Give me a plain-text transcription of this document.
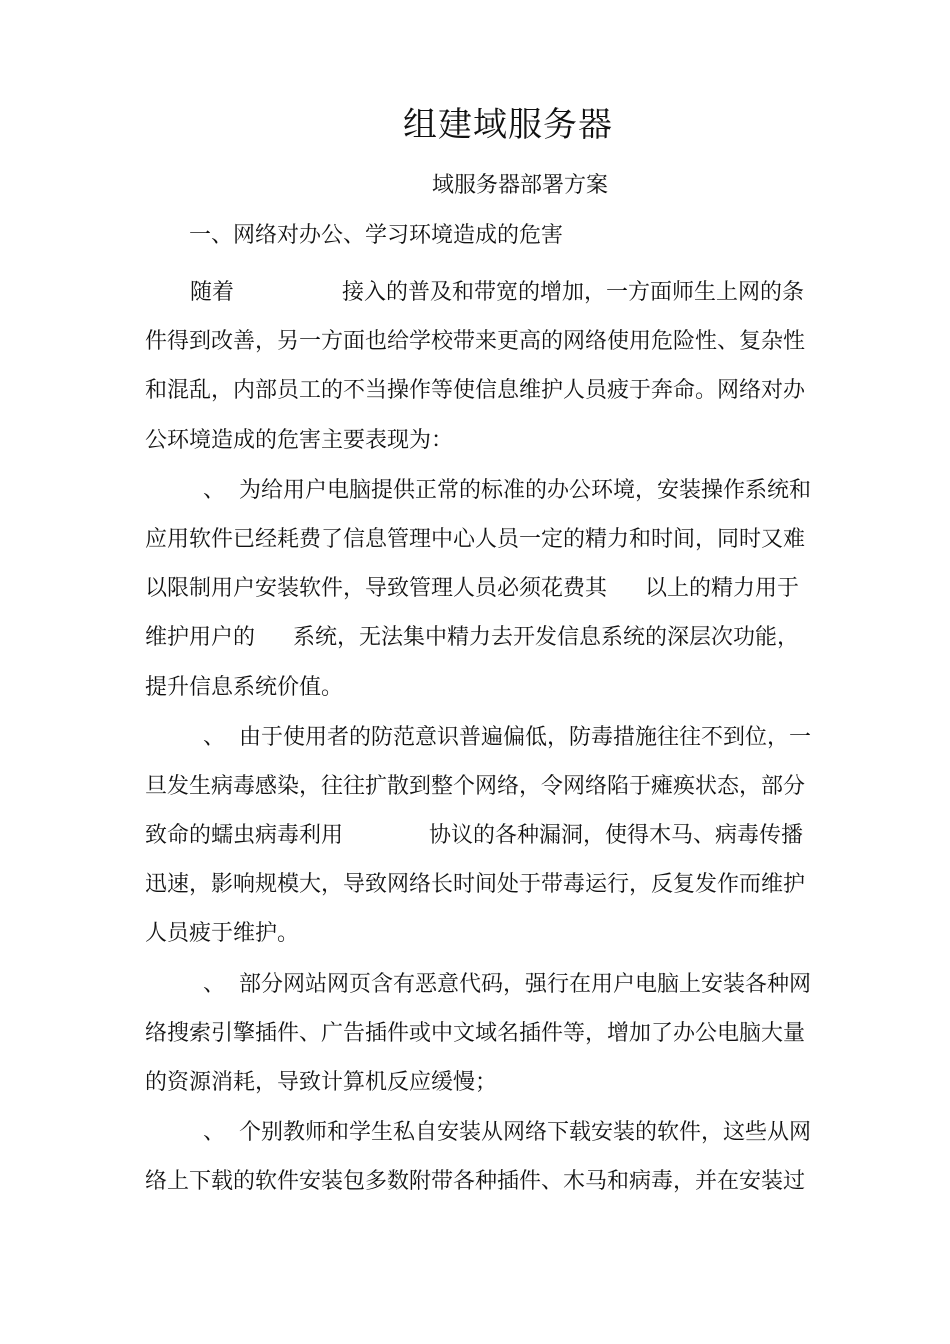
组建域服务器
域服务器部署方案
一、网络对办公、学习环境造成的危害

随着	接入的普及和带宽的增加，一方面师生上网的条
件得到改善，另一方面也给学校带来更高的网络使用危险性、复杂性
和混乱，内部员工的不当操作等使信息维护人员疲于奔命。网络对办
公环境造成的危害主要表现为：

、 为给用户电脑提供正常的标准的办公环境，安装操作系统和
应用软件已经耗费了信息管理中心人员一定的精力和时间，同时又难
以限制用户安装软件，导致管理人员必须花费其 以上的精力用于
维护用户的 系统，无法集中精力去开发信息系统的深层次功能，
提升信息系统价值。

、 由于使用者的防范意识普遍偏低，防毒措施往往不到位，一
旦发生病毒感染，往往扩散到整个网络，令网络陷于瘫痪状态，部分
致命的蠕虫病毒利用	协议的各种漏洞，使得木马、病毒传播
迅速，影响规模大，导致网络长时间处于带毒运行，反复发作而维护
人员疲于维护。

、 部分网站网页含有恶意代码，强行在用户电脑上安装各种网
络搜索引擎插件、广告插件或中文域名插件等，增加了办公电脑大量
的资源消耗，导致计算机反应缓慢；

、 个别教师和学生私自安装从网络下载安装的软件，这些从网
络上下载的软件安装包多数附带各种插件、木马和病毒，并在安装过
